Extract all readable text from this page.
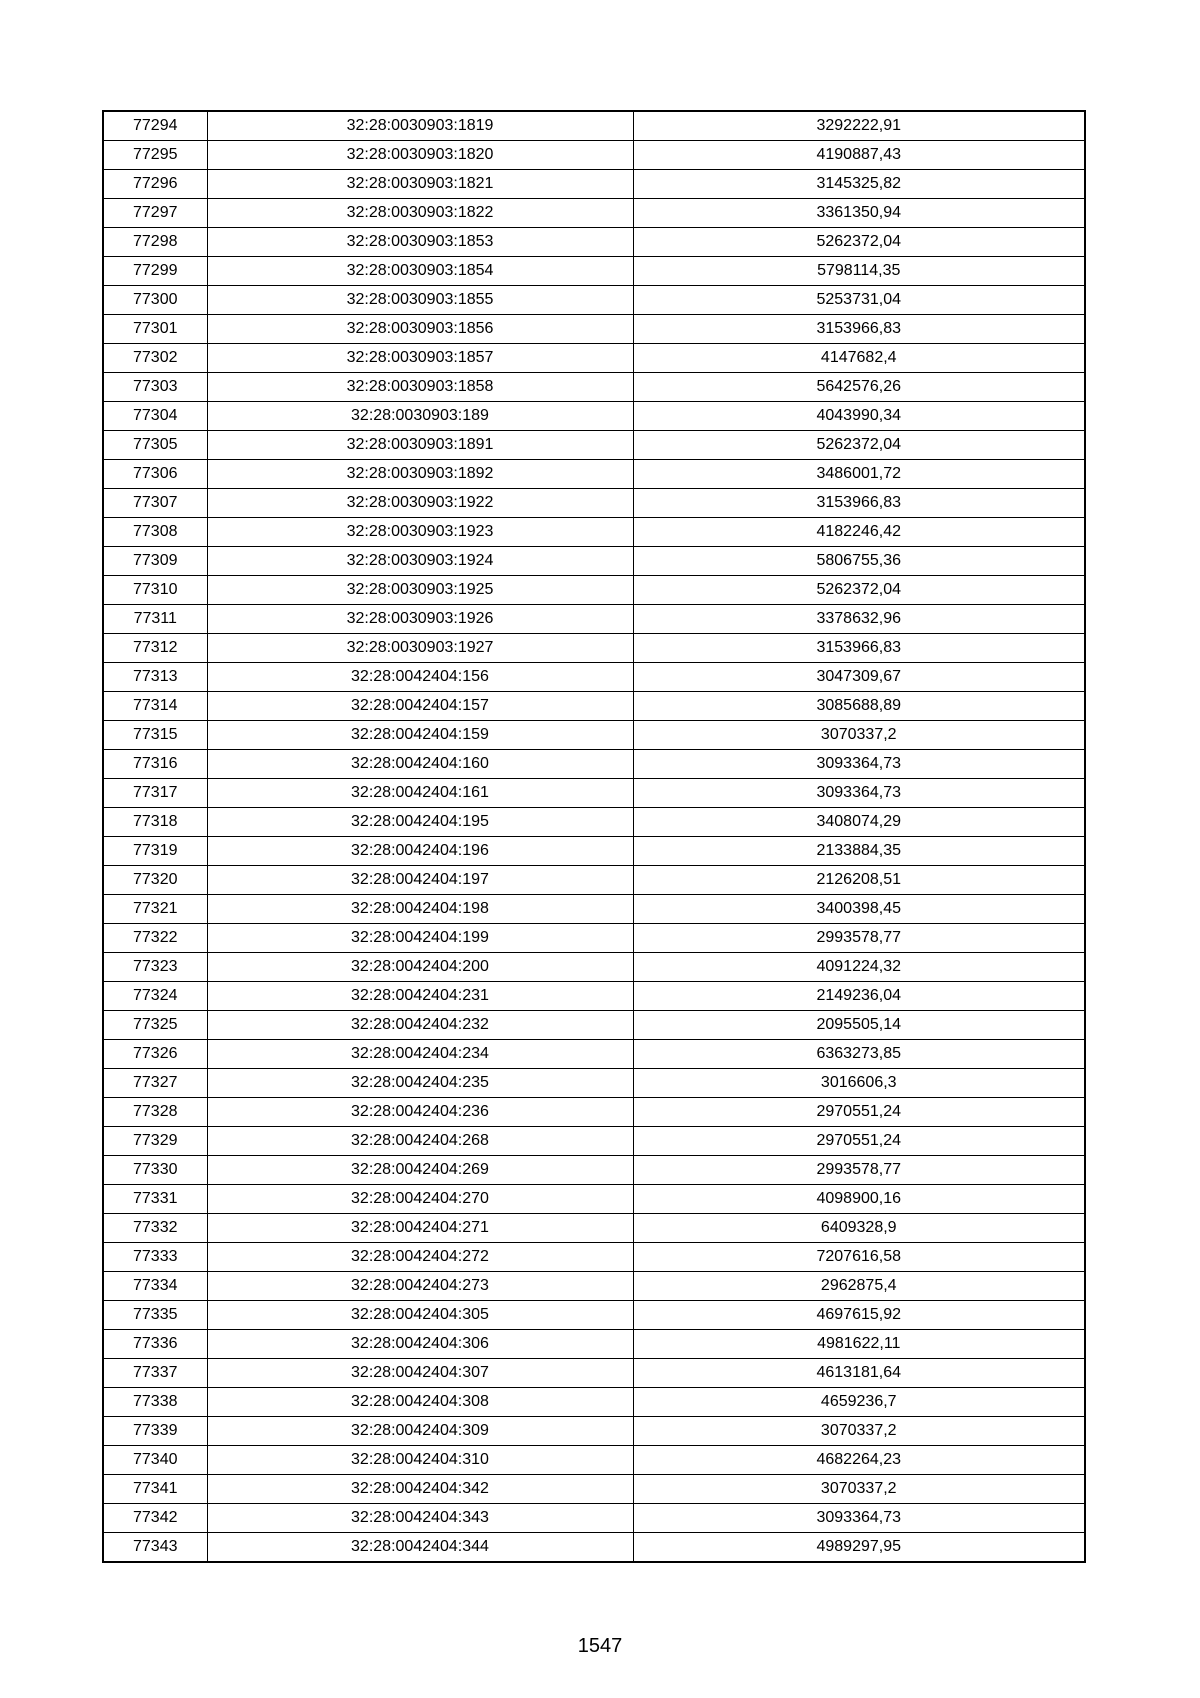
77294	32:28:0030903:1819	3292222,91
77295	32:28:0030903:1820	4190887,43
77296	32:28:0030903:1821	3145325,82
77297	32:28:0030903:1822	3361350,94
77298	32:28:0030903:1853	5262372,04
77299	32:28:0030903:1854	5798114,35
77300	32:28:0030903:1855	5253731,04
77301	32:28:0030903:1856	3153966,83
77302	32:28:0030903:1857	4147682,4
77303	32:28:0030903:1858	5642576,26
77304	32:28:0030903:189	4043990,34
77305	32:28:0030903:1891	5262372,04
77306	32:28:0030903:1892	3486001,72
77307	32:28:0030903:1922	3153966,83
77308	32:28:0030903:1923	4182246,42
77309	32:28:0030903:1924	5806755,36
77310	32:28:0030903:1925	5262372,04
77311	32:28:0030903:1926	3378632,96
77312	32:28:0030903:1927	3153966,83
77313	32:28:0042404:156	3047309,67
77314	32:28:0042404:157	3085688,89
77315	32:28:0042404:159	3070337,2
77316	32:28:0042404:160	3093364,73
77317	32:28:0042404:161	3093364,73
77318	32:28:0042404:195	3408074,29
77319	32:28:0042404:196	2133884,35
77320	32:28:0042404:197	2126208,51
77321	32:28:0042404:198	3400398,45
77322	32:28:0042404:199	2993578,77
77323	32:28:0042404:200	4091224,32
77324	32:28:0042404:231	2149236,04
77325	32:28:0042404:232	2095505,14
77326	32:28:0042404:234	6363273,85
77327	32:28:0042404:235	3016606,3
77328	32:28:0042404:236	2970551,24
77329	32:28:0042404:268	2970551,24
77330	32:28:0042404:269	2993578,77
77331	32:28:0042404:270	4098900,16
77332	32:28:0042404:271	6409328,9
77333	32:28:0042404:272	7207616,58
77334	32:28:0042404:273	2962875,4
77335	32:28:0042404:305	4697615,92
77336	32:28:0042404:306	4981622,11
77337	32:28:0042404:307	4613181,64
77338	32:28:0042404:308	4659236,7
77339	32:28:0042404:309	3070337,2
77340	32:28:0042404:310	4682264,23
77341	32:28:0042404:342	3070337,2
77342	32:28:0042404:343	3093364,73
77343	32:28:0042404:344	4989297,95
1547
